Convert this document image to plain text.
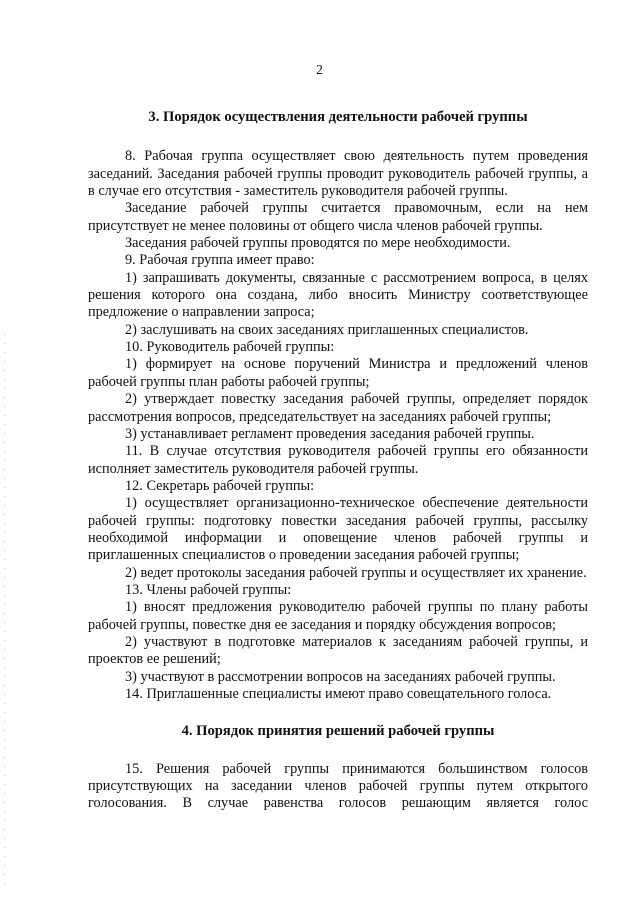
2
3. Порядок осуществления деятельности рабочей группы

8. Рабочая группа осуществляет свою деятельность путем проведения заседаний. Заседания рабочей группы проводит руководитель рабочей группы, а в случае его отсутствия - заместитель руководителя рабочей группы.

Заседание рабочей группы считается правомочным, если на нем присутствует не менее половины от общего числа членов рабочей группы.

Заседания рабочей группы проводятся по мере необходимости.

9. Рабочая группа имеет право:

1) запрашивать документы, связанные с рассмотрением вопроса, в целях решения которого она создана, либо вносить Министру соответствующее предложение о направлении запроса;

2) заслушивать на своих заседаниях приглашенных специалистов.

10. Руководитель рабочей группы:

1) формирует на основе поручений Министра и предложений членов рабочей группы план работы рабочей группы;

2) утверждает повестку заседания рабочей группы, определяет порядок рассмотрения вопросов, председательствует на заседаниях рабочей группы;

3) устанавливает регламент проведения заседания рабочей группы.

11. В случае отсутствия руководителя рабочей группы его обязанности исполняет заместитель руководителя рабочей группы.

12. Секретарь рабочей группы:

1) осуществляет организационно-техническое обеспечение деятельности рабочей группы: подготовку повестки заседания рабочей группы, рассылку необходимой информации и оповещение членов рабочей группы и приглашенных специалистов о проведении заседания рабочей группы;

2) ведет протоколы заседания рабочей группы и осуществляет их хранение.

13. Члены рабочей группы:

1) вносят предложения руководителю рабочей группы по плану работы рабочей группы, повестке дня ее заседания и порядку обсуждения вопросов;

2) участвуют в подготовке материалов к заседаниям рабочей группы, и проектов ее решений;

3) участвуют в рассмотрении вопросов на заседаниях рабочей группы.

14. Приглашенные специалисты имеют право совещательного голоса.

4. Порядок принятия решений рабочей группы

15. Решения рабочей группы принимаются большинством голосов присутствующих на заседании членов рабочей группы путем открытого голосования. В случае равенства голосов решающим является голос
